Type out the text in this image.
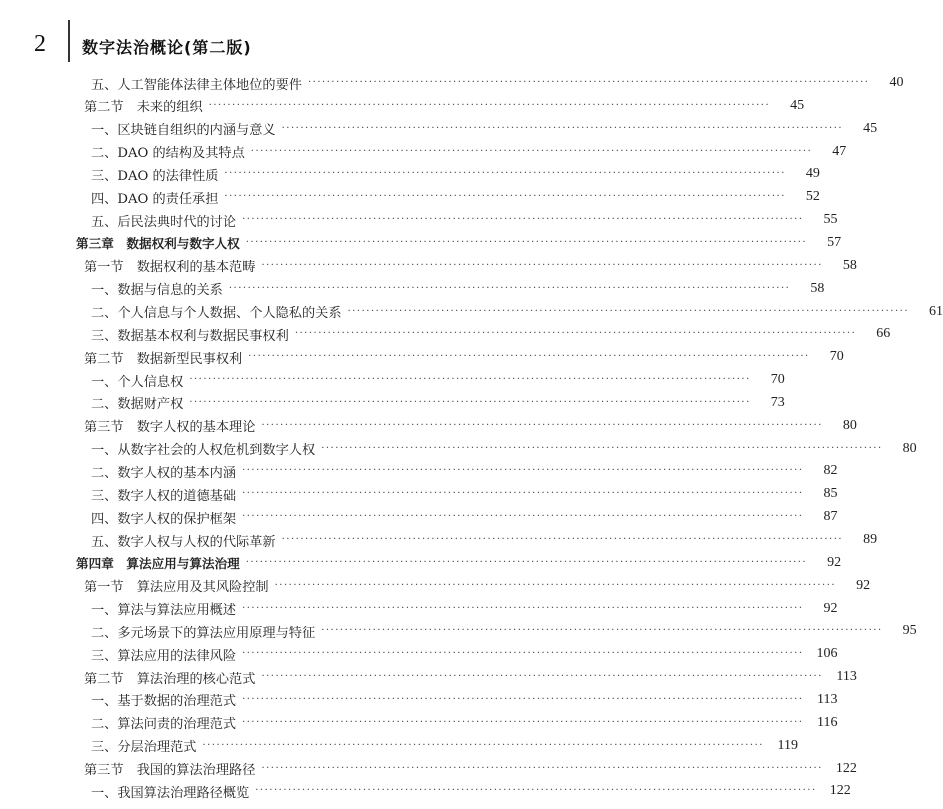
2 数字法治概论(第二版)
五、人工智能体法律主体地位的要件 ························································································································	40
第二节　未来的组织 ························································································································	45
一、区块链自组织的内涵与意义 ························································································································	45
二、DAO 的结构及其特点 ························································································································	47
三、DAO 的法律性质 ························································································································	49
四、DAO 的责任承担 ························································································································	52
五、后民法典时代的讨论 ························································································································	55
第三章　数据权利与数字人权 ························································································································	57
第一节　数据权利的基本范畴 ························································································································	58
一、数据与信息的关系 ························································································································	58
二、个人信息与个人数据、个人隐私的关系 ························································································································	61
三、数据基本权利与数据民事权利 ························································································································	66
第二节　数据新型民事权利 ························································································································	70
一、个人信息权 ························································································································	70
二、数据财产权 ························································································································	73
第三节　数字人权的基本理论 ························································································································	80
一、从数字社会的人权危机到数字人权 ························································································································	80
二、数字人权的基本内涵 ························································································································	82
三、数字人权的道德基础 ························································································································	85
四、数字人权的保护框架 ························································································································	87
五、数字人权与人权的代际革新 ························································································································	89
第四章　算法应用与算法治理 ························································································································	92
第一节　算法应用及其风险控制 ························································································································	92
一、算法与算法应用概述 ························································································································	92
二、多元场景下的算法应用原理与特征 ························································································································	95
三、算法应用的法律风险 ························································································································ 106
第二节　算法治理的核心范式 ························································································································ 113
一、基于数据的治理范式 ························································································································ 113
二、算法问责的治理范式 ························································································································ 116
三、分层治理范式 ························································································································ 119
第三节　我国的算法治理路径 ························································································································ 122
一、我国算法治理路径概览 ························································································································ 122
